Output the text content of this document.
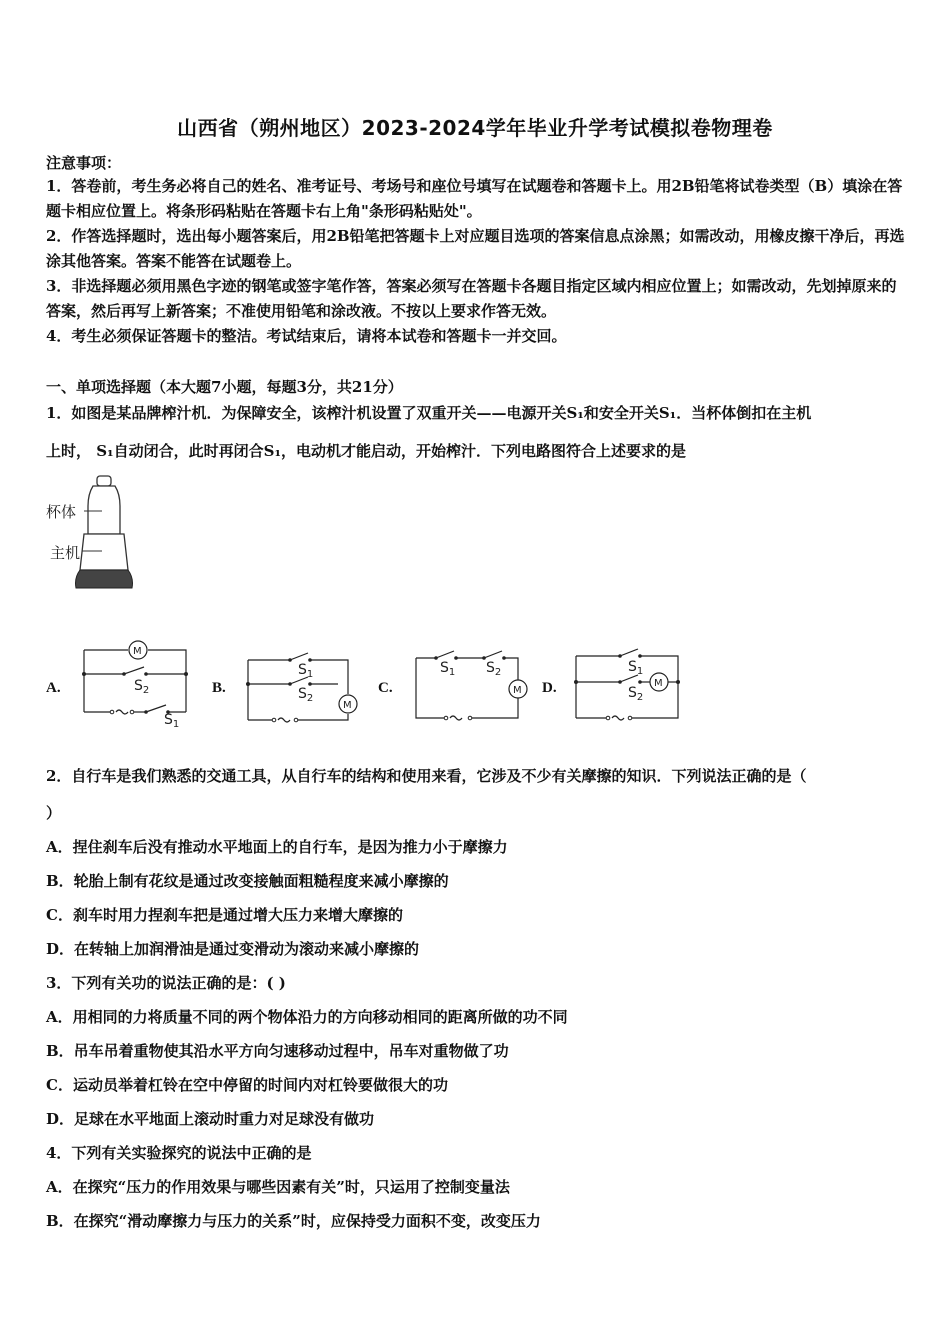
山西省（朔州地区）2023-2024学年毕业升学考试模拟卷物理卷
注意事项：
1．答卷前，考生务必将自己的姓名、准考证号、考场号和座位号填写在试题卷和答题卡上。用2B铅笔将试卷类型（B）填涂在答题卡相应位置上。将条形码粘贴在答题卡右上角"条形码粘贴处"。
2．作答选择题时，选出每小题答案后，用2B铅笔把答题卡上对应题目选项的答案信息点涂黑；如需改动，用橡皮擦干净后，再选涂其他答案。答案不能答在试题卷上。
3．非选择题必须用黑色字迹的钢笔或签字笔作答，答案必须写在答题卡各题目指定区域内相应位置上；如需改动，先划掉原来的答案，然后再写上新答案；不准使用铅笔和涂改液。不按以上要求作答无效。
4．考生必须保证答题卡的整洁。考试结束后，请将本试卷和答题卡一并交回。
一、单项选择题（本大题7小题，每题3分，共21分）
1．如图是某品牌榨汁机．为保障安全，该榨汁机设置了双重开关——电源开关S₁和安全开关S₁．当杯体倒扣在主机
上时， S₁自动闭合，此时再闭合S₁，电动机才能启动，开始榨汁．下列电路图符合上述要求的是
杯体
主机
A.	B.	C.	D.
M
$S_2$
$S_1$
M
$S_1$
$S_2$
M
$S_1$ $S_2$
M
$S_1$
$S_2$
2．自行车是我们熟悉的交通工具，从自行车的结构和使用来看，它涉及不少有关摩擦的知识．下列说法正确的是（
）
A．捏住刹车后没有推动水平地面上的自行车，是因为推力小于摩擦力
B．轮胎上制有花纹是通过改变接触面粗糙程度来减小摩擦的
C．刹车时用力捏刹车把是通过增大压力来增大摩擦的
D．在转轴上加润滑油是通过变滑动为滚动来减小摩擦的
3．下列有关功的说法正确的是：( )
A．用相同的力将质量不同的两个物体沿力的方向移动相同的距离所做的功不同
B．吊车吊着重物使其沿水平方向匀速移动过程中，吊车对重物做了功
C．运动员举着杠铃在空中停留的时间内对杠铃要做很大的功
D．足球在水平地面上滚动时重力对足球没有做功
4．下列有关实验探究的说法中正确的是
A．在探究“压力的作用效果与哪些因素有关”时，只运用了控制变量法
B．在探究“滑动摩擦力与压力的关系”时，应保持受力面积不变，改变压力
